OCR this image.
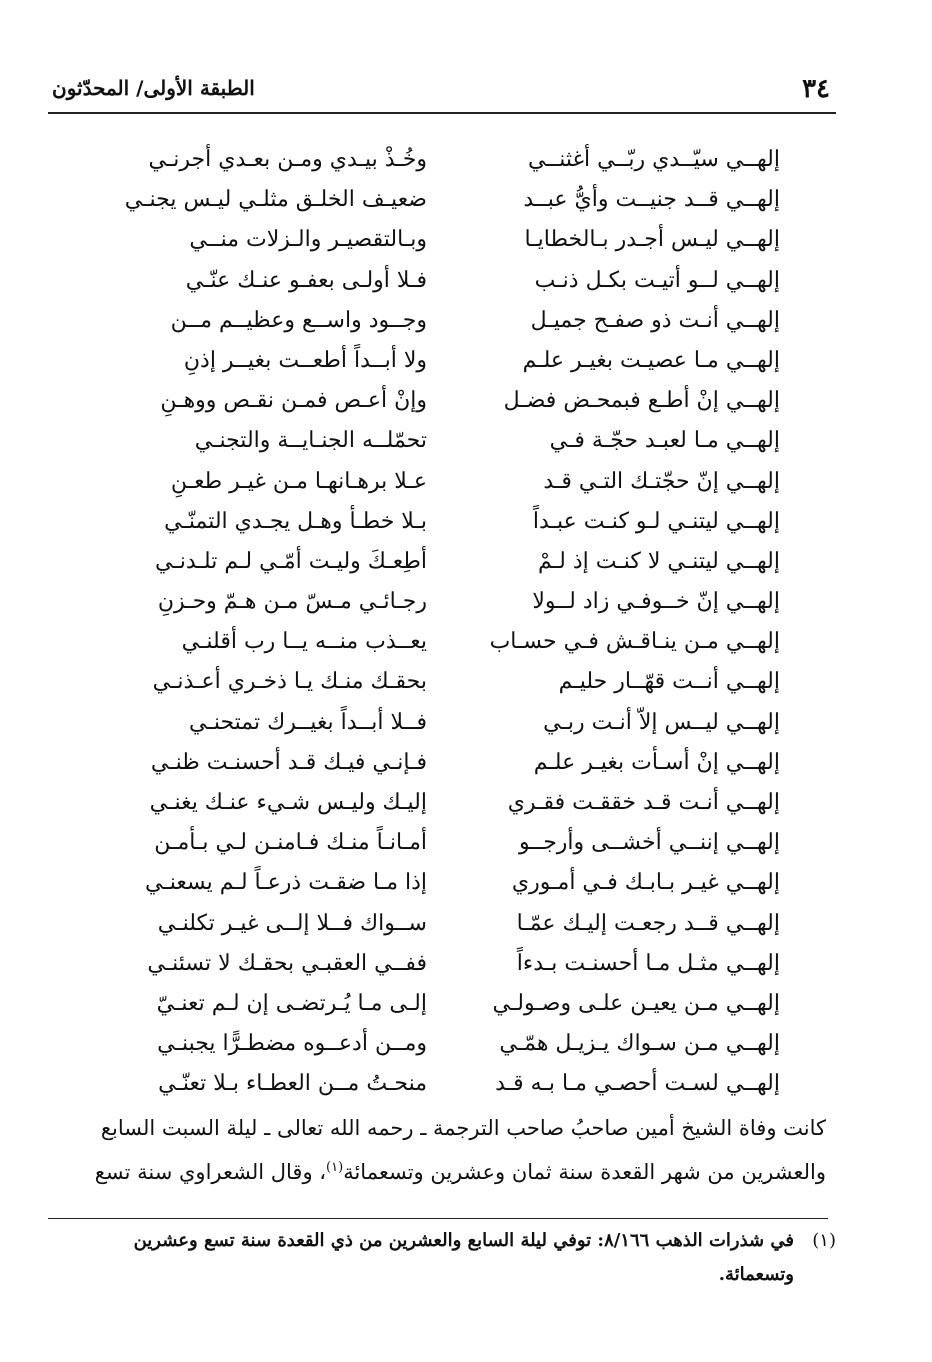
٣٤
الطبقة الأولى/ المحدّثون
إلهــي سيّــدي ربّــي أغثنــي
وخُـذْ بيـدي ومـن بعـدي أجرنـي
إلهــي قــد جنيــت وأيُّ عبــد
ضعيـف الخلـق مثلـي ليـس يجنـي
إلهــي ليـس أجـدر بـالخطايـا
وبـالتقصيـر والـزلات منــي
إلهــي لــو أتيـت بكـل ذنـب
فـلا أولـى بعفـو عنـك عنّـي
إلهــي أنـت ذو صفـح جميـل
وجــود واســع وعظيــم مــن
إلهــي مـا عصيـت بغيـر علـم
ولا أبــداً أطعــت بغيــر إذنِ
إلهــي إنْ أطـع فبمحـض فضـل
وإنْ أعـص فمـن نقـص ووهـنِ
إلهــي مـا لعبـد حجّـة فـي
تحمّلــه الجنـايــة والتجنـي
إلهــي إنّ حجّتـك التـي قـد
عـلا برهـانهـا مـن غيـر طعـنِ
إلهــي ليتنـي لـو كنـت عبـداً
بـلا خطـأ وهـل يجـدي التمنّـي
إلهــي ليتنـي لا كنـت إذ لـمْ
أطِعـكَ وليـت أمّـي لـم تلـدنـي
إلهــي إنّ خــوفـي زاد لــولا
رجـائـي مـسّ مـن هـمّ وحـزنِ
إلهــي مـن ينـاقـش فـي حسـاب
يعــذب منــه يــا رب أقلنـي
إلهــي أنــت قهّــار حليـم
بحقـك منـك يـا ذخـري أعـذنـي
إلهــي ليــس إلاّ أنـت ربـي
فــلا أبــداً بغيــرك تمتحنـي
إلهــي إنْ أسـأت بغيـر علـم
فـإنـي فيـك قـد أحسنـت ظنـي
إلهــي أنـت قـد خققـت فقـري
إليـك وليـس شـيء عنـك يغنـي
إلهــي إننــي أخشــى وأرجــو
أمـانـاً منـك فـامنـن لـي بـأمـن
إلهــي غيـر بـابـك فـي أمـوري
إذا مـا ضقـت ذرعـاً لـم يسعنـي
إلهــي قــد رجعـت إليـك عمّـا
ســواك فــلا إلــى غيـر تكلنـي
إلهــي مثـل مـا أحسنـت بـدءاً
ففــي العقبـي بحقـك لا تسئنـي
إلهــي مـن يعيـن علـى وصـولـي
إلـى مـا يُـرتضـى إن لـم تعنـيّ
إلهــي مـن سـواك يـزيـل همّـي
ومــن أدعــوه مضطـرًّا يجبنـي
إلهــي لسـت أحصـي مـا بـه قـد
منحـتُ مــن العطـاء بـلا تعنّـي
كانت وفاة الشيخ أمين صاحبُ صاحب الترجمة ـ رحمه الله تعالى ـ ليلة السبت السابع
والعشرين من شهر القعدة سنة ثمان وعشرين وتسعمائة$^{(١)}$، وقال الشعراوي سنة تسع
(١)
في شذرات الذهب ٨/١٦٦: توفي ليلة السابع والعشرين من ذي القعدة سنة تسع وعشرين
وتسعمائة.
